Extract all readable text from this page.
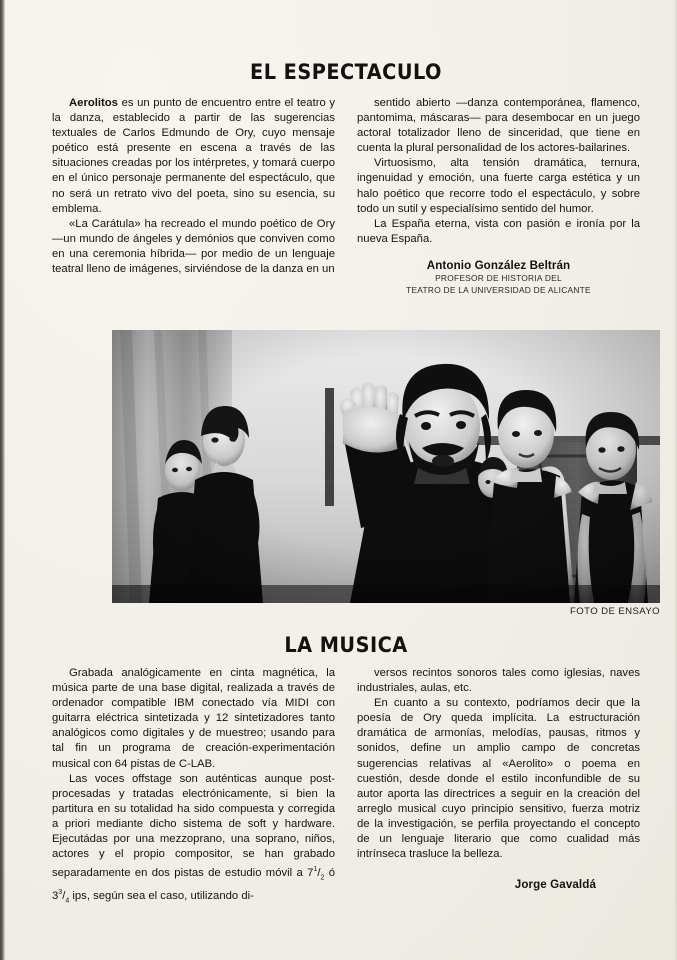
EL ESPECTACULO

Aerolitos es un punto de encuentro entre el teatro y la danza, establecido a partir de las sugerencias textuales de Carlos Edmundo de Ory, cuyo mensaje poético está presente en escena a través de las situaciones creadas por los intérpretes, y tomará cuerpo en el único personaje permanente del espectáculo, que no será un retrato vivo del poeta, sino su esencia, su emblema.

«La Carátula» ha recreado el mundo poético de Ory —un mundo de ángeles y demónios que conviven como en una ceremonia híbrida— por medio de un lenguaje teatral lleno de imágenes, sirviéndose de la danza en un

sentido abierto —danza contemporánea, flamenco, pantomima, máscaras— para desembocar en un juego actoral totalizador lleno de sinceridad, que tiene en cuenta la plural personalidad de los actores-bailarines.

Virtuosismo, alta tensión dramática, ternura, ingenuidad y emoción, una fuerte carga estética y un halo poético que recorre todo el espectáculo, y sobre todo un sutil y especialísimo sentido del humor.

La España eterna, vista con pasión e ironía por la nueva España.

Antonio González Beltrán
PROFESOR DE HISTORIA DEL
TEATRO DE LA UNIVERSIDAD DE ALICANTE
FOTO DE ENSAYO
LA MUSICA

Grabada analógicamente en cinta magnética, la música parte de una base digital, realizada a través de ordenador compatible IBM conectado vía MIDI con guitarra eléctrica sintetizada y 12 sintetizadores tanto analógicos como digitales y de muestreo; usando para tal fin un programa de creación-experimentación musical con 64 pistas de C-LAB.

Las voces offstage son auténticas aunque post-procesadas y tratadas electrónicamente, si bien la partitura en su totalidad ha sido compuesta y corregida a priori mediante dicho sistema de soft y hardware. Ejecutádas por una mezzoprano, una soprano, niños, actores y el propio compositor, se han grabado separadamente en dos pistas de estudio móvil a $7^1/_2$ ó $3^3/_4$ ips, según sea el caso, utilizando di-

versos recintos sonoros tales como iglesias, naves industriales, aulas, etc.

En cuanto a su contexto, podríamos decir que la poesía de Ory queda implícita. La estructuración dramática de armonías, melodías, pausas, ritmos y sonidos, define un amplio campo de concretas sugerencias relativas al «Aerolito» o poema en cuestión, desde donde el estilo inconfundible de su autor aporta las directrices a seguir en la creación del arreglo musical cuyo principio sensitivo, fuerza motriz de la investigación, se perfila proyectando el concepto de un lenguaje literario que como cualidad más intrínseca trasluce la belleza.

Jorge Gavaldá
